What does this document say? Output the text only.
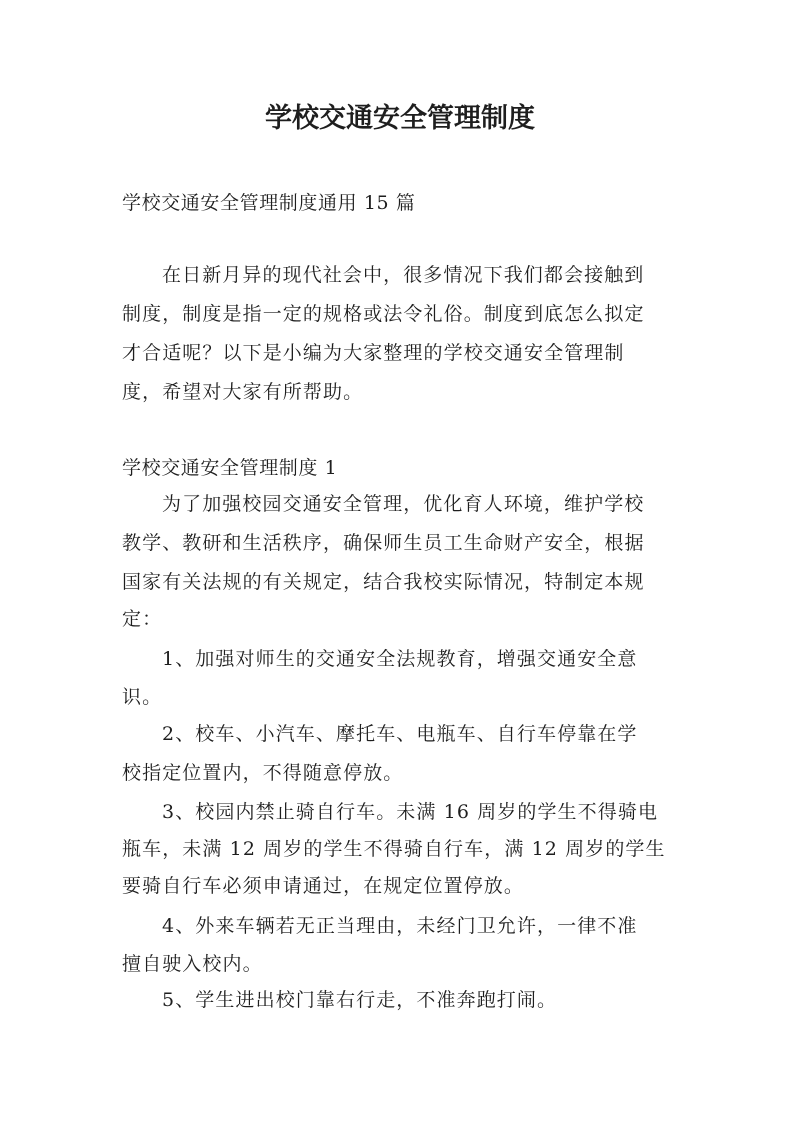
学校交通安全管理制度
学校交通安全管理制度通用 15 篇
在日新月异的现代社会中，很多情况下我们都会接触到
制度，制度是指一定的规格或法令礼俗。制度到底怎么拟定
才合适呢？以下是小编为大家整理的学校交通安全管理制
度，希望对大家有所帮助。
学校交通安全管理制度 1
为了加强校园交通安全管理，优化育人环境，维护学校
教学、教研和生活秩序，确保师生员工生命财产安全，根据
国家有关法规的有关规定，结合我校实际情况，特制定本规
定：
1、加强对师生的交通安全法规教育，增强交通安全意
识。
2、校车、小汽车、摩托车、电瓶车、自行车停靠在学
校指定位置内，不得随意停放。
3、校园内禁止骑自行车。未满 16 周岁的学生不得骑电
瓶车，未满 12 周岁的学生不得骑自行车，满 12 周岁的学生
要骑自行车必须申请通过，在规定位置停放。
4、外来车辆若无正当理由，未经门卫允许，一律不准
擅自驶入校内。
5、学生进出校门靠右行走，不准奔跑打闹。
